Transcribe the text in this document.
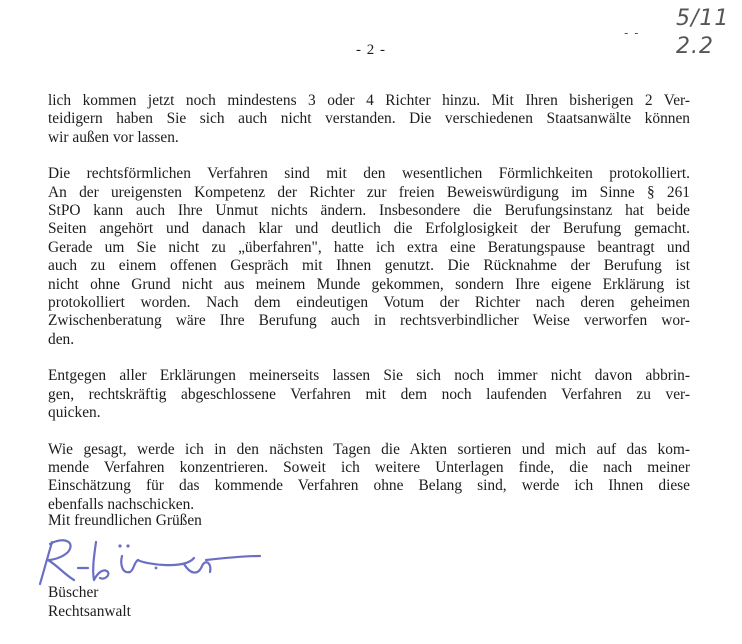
- -
5/11
2.2
- 2 -
lich kommen jetzt noch mindestens 3 oder 4 Richter hinzu. Mit Ihren bisherigen 2 Ver-
teidigern haben Sie sich auch nicht verstanden. Die verschiedenen Staatsanwälte können
wir außen vor lassen.
Die rechtsförmlichen Verfahren sind mit den wesentlichen Förmlichkeiten protokolliert.
An der ureigensten Kompetenz der Richter zur freien Beweiswürdigung im Sinne § 261
StPO kann auch Ihre Unmut nichts ändern. Insbesondere die Berufungsinstanz hat beide
Seiten angehört und danach klar und deutlich die Erfolglosigkeit der Berufung gemacht.
Gerade um Sie nicht zu „überfahren", hatte ich extra eine Beratungspause beantragt und
auch zu einem offenen Gespräch mit Ihnen genutzt. Die Rücknahme der Berufung ist
nicht ohne Grund nicht aus meinem Munde gekommen, sondern Ihre eigene Erklärung ist
protokolliert worden. Nach dem eindeutigen Votum der Richter nach deren geheimen
Zwischenberatung wäre Ihre Berufung auch in rechtsverbindlicher Weise verworfen wor-
den.
Entgegen aller Erklärungen meinerseits lassen Sie sich noch immer nicht davon abbrin-
gen, rechtskräftig abgeschlossene Verfahren mit dem noch laufenden Verfahren zu ver-
quicken.
Wie gesagt, werde ich in den nächsten Tagen die Akten sortieren und mich auf das kom-
mende Verfahren konzentrieren. Soweit ich weitere Unterlagen finde, die nach meiner
Einschätzung für das kommende Verfahren ohne Belang sind, werde ich Ihnen diese
ebenfalls nachschicken.
Mit freundlichen Grüßen
Büscher
Rechtsanwalt
